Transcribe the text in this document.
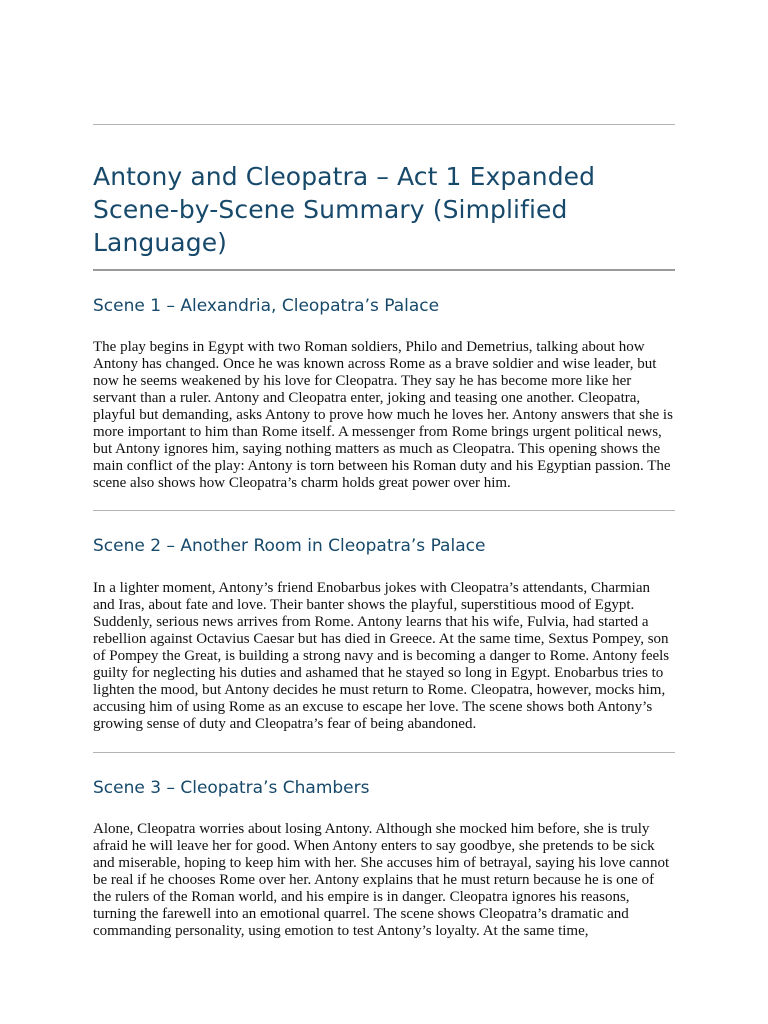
Antony and Cleopatra – Act 1 Expanded Scene-by-Scene Summary (Simplified Language)
Scene 1 – Alexandria, Cleopatra’s Palace

The play begins in Egypt with two Roman soldiers, Philo and Demetrius, talking about how Antony has changed. Once he was known across Rome as a brave soldier and wise leader, but now he seems weakened by his love for Cleopatra. They say he has become more like her servant than a ruler. Antony and Cleopatra enter, joking and teasing one another. Cleopatra, playful but demanding, asks Antony to prove how much he loves her. Antony answers that she is more important to him than Rome itself. A messenger from Rome brings urgent political news, but Antony ignores him, saying nothing matters as much as Cleopatra. This opening shows the main conflict of the play: Antony is torn between his Roman duty and his Egyptian passion. The scene also shows how Cleopatra’s charm holds great power over him.

Scene 2 – Another Room in Cleopatra’s Palace

In a lighter moment, Antony’s friend Enobarbus jokes with Cleopatra’s attendants, Charmian and Iras, about fate and love. Their banter shows the playful, superstitious mood of Egypt. Suddenly, serious news arrives from Rome. Antony learns that his wife, Fulvia, had started a rebellion against Octavius Caesar but has died in Greece. At the same time, Sextus Pompey, son of Pompey the Great, is building a strong navy and is becoming a danger to Rome. Antony feels guilty for neglecting his duties and ashamed that he stayed so long in Egypt. Enobarbus tries to lighten the mood, but Antony decides he must return to Rome. Cleopatra, however, mocks him, accusing him of using Rome as an excuse to escape her love. The scene shows both Antony’s growing sense of duty and Cleopatra’s fear of being abandoned.

Scene 3 – Cleopatra’s Chambers

Alone, Cleopatra worries about losing Antony. Although she mocked him before, she is truly afraid he will leave her for good. When Antony enters to say goodbye, she pretends to be sick and miserable, hoping to keep him with her. She accuses him of betrayal, saying his love cannot be real if he chooses Rome over her. Antony explains that he must return because he is one of the rulers of the Roman world, and his empire is in danger. Cleopatra ignores his reasons, turning the farewell into an emotional quarrel. The scene shows Cleopatra’s dramatic and commanding personality, using emotion to test Antony’s loyalty. At the same time,
